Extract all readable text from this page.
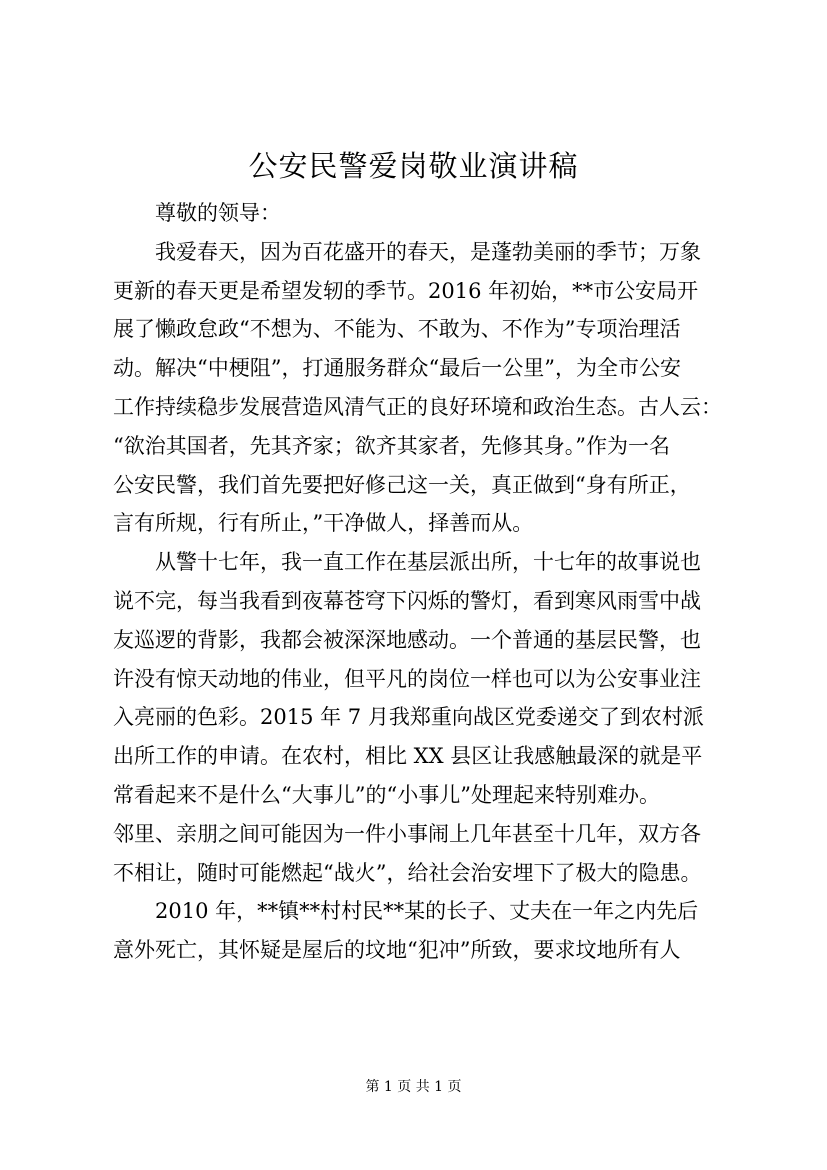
公安民警爱岗敬业演讲稿
尊敬的领导：
我爱春天，因为百花盛开的春天，是蓬勃美丽的季节；万象
更新的春天更是希望发轫的季节。2016 年初始，**市公安局开
展了懒政怠政“不想为、不能为、不敢为、不作为”专项治理活
动。解决“中梗阻”，打通服务群众“最后一公里”，为全市公安
工作持续稳步发展营造风清气正的良好环境和政治生态。古人云：
“欲治其国者，先其齐家；欲齐其家者，先修其身。”作为一名
公安民警，我们首先要把好修己这一关，真正做到“身有所正，
言有所规，行有所止，”干净做人，择善而从。
从警十七年，我一直工作在基层派出所，十七年的故事说也
说不完，每当我看到夜幕苍穹下闪烁的警灯，看到寒风雨雪中战
友巡逻的背影，我都会被深深地感动。一个普通的基层民警，也
许没有惊天动地的伟业，但平凡的岗位一样也可以为公安事业注
入亮丽的色彩。2015 年 7 月我郑重向战区党委递交了到农村派
出所工作的申请。在农村，相比 XX 县区让我感触最深的就是平
常看起来不是什么“大事儿”的“小事儿”处理起来特别难办。
邻里、亲朋之间可能因为一件小事闹上几年甚至十几年，双方各
不相让，随时可能燃起“战火”，给社会治安埋下了极大的隐患。
2010 年，**镇**村村民**某的长子、丈夫在一年之内先后
意外死亡，其怀疑是屋后的坟地“犯冲”所致，要求坟地所有人
第 1 页 共 1 页
